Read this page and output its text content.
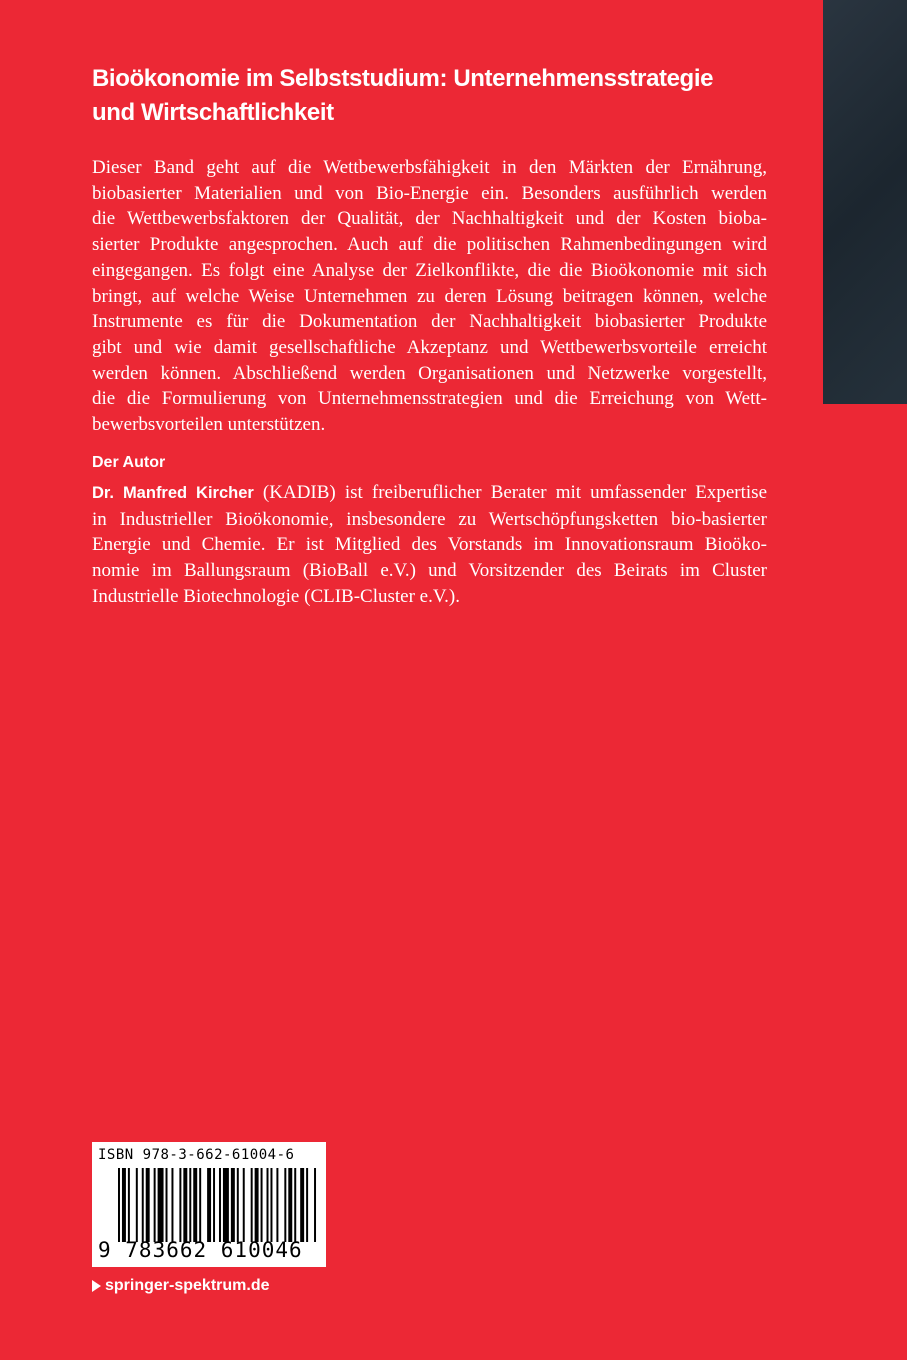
Bioökonomie im Selbststudium: Unternehmensstrategie
und Wirtschaftlichkeit
Dieser Band geht auf die Wettbewerbsfähigkeit in den Märkten der Ernährung,
biobasierter Materialien und von Bio-Energie ein. Besonders ausführlich werden
die Wettbewerbsfaktoren der Qualität, der Nachhaltigkeit und der Kosten bioba-
sierter Produkte angesprochen. Auch auf die politischen Rahmenbedingungen wird
eingegangen. Es folgt eine Analyse der Zielkonflikte, die die Bioökonomie mit sich
bringt, auf welche Weise Unternehmen zu deren Lösung beitragen können, welche
Instrumente es für die Dokumentation der Nachhaltigkeit biobasierter Produkte
gibt und wie damit gesellschaftliche Akzeptanz und Wettbewerbsvorteile erreicht
werden können. Abschließend werden Organisationen und Netzwerke vorgestellt,
die die Formulierung von Unternehmensstrategien und die Erreichung von Wett-
bewerbsvorteilen unterstützen.
Der Autor
Dr. Manfred Kircher (KADIB) ist freiberuflicher Berater mit umfassender Expertise
in Industrieller Bioökonomie, insbesondere zu Wertschöpfungsketten bio-basierter
Energie und Chemie. Er ist Mitglied des Vorstands im Innovationsraum Bioöko-
nomie im Ballungsraum (BioBall e.V.) und Vorsitzender des Beirats im Cluster
Industrielle Biotechnologie (CLIB-Cluster e.V.).
ISBN 978-3-662-61004-6
9 783662 610046
springer-spektrum.de
